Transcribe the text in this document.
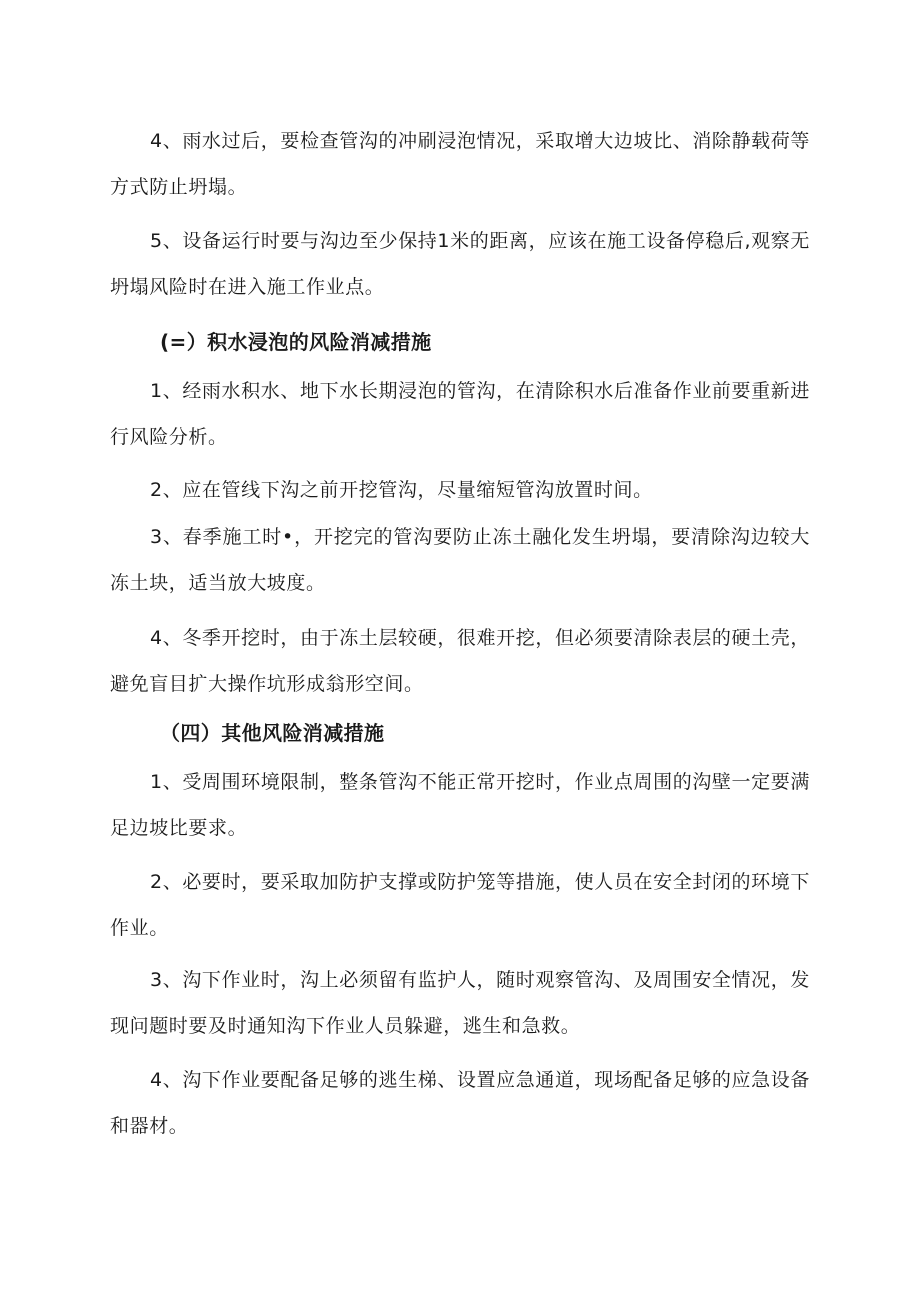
4、雨水过后，要检查管沟的冲刷浸泡情况，采取增大边坡比、消除静载荷等方式防止坍塌。

5、设备运行时要与沟边至少保持1米的距离，应该在施工设备停稳后,观察无坍塌风险时在进入施工作业点。

(=）积水浸泡的风险消减措施

1、经雨水积水、地下水长期浸泡的管沟，在清除积水后准备作业前要重新进行风险分析。

2、应在管线下沟之前开挖管沟，尽量缩短管沟放置时间。

3、春季施工时•，开挖完的管沟要防止冻土融化发生坍塌，要清除沟边较大冻土块，适当放大坡度。

4、冬季开挖时，由于冻土层较硬，很难开挖，但必须要清除表层的硬土壳，避免盲目扩大操作坑形成翁形空间。

（四）其他风险消减措施

1、受周围环境限制，整条管沟不能正常开挖时，作业点周围的沟壁一定要满足边坡比要求。

2、必要时，要采取加防护支撑或防护笼等措施，使人员在安全封闭的环境下作业。

3、沟下作业时，沟上必须留有监护人，随时观察管沟、及周围安全情况，发现问题时要及时通知沟下作业人员躲避，逃生和急救。

4、沟下作业要配备足够的逃生梯、设置应急通道，现场配备足够的应急设备和器材。
